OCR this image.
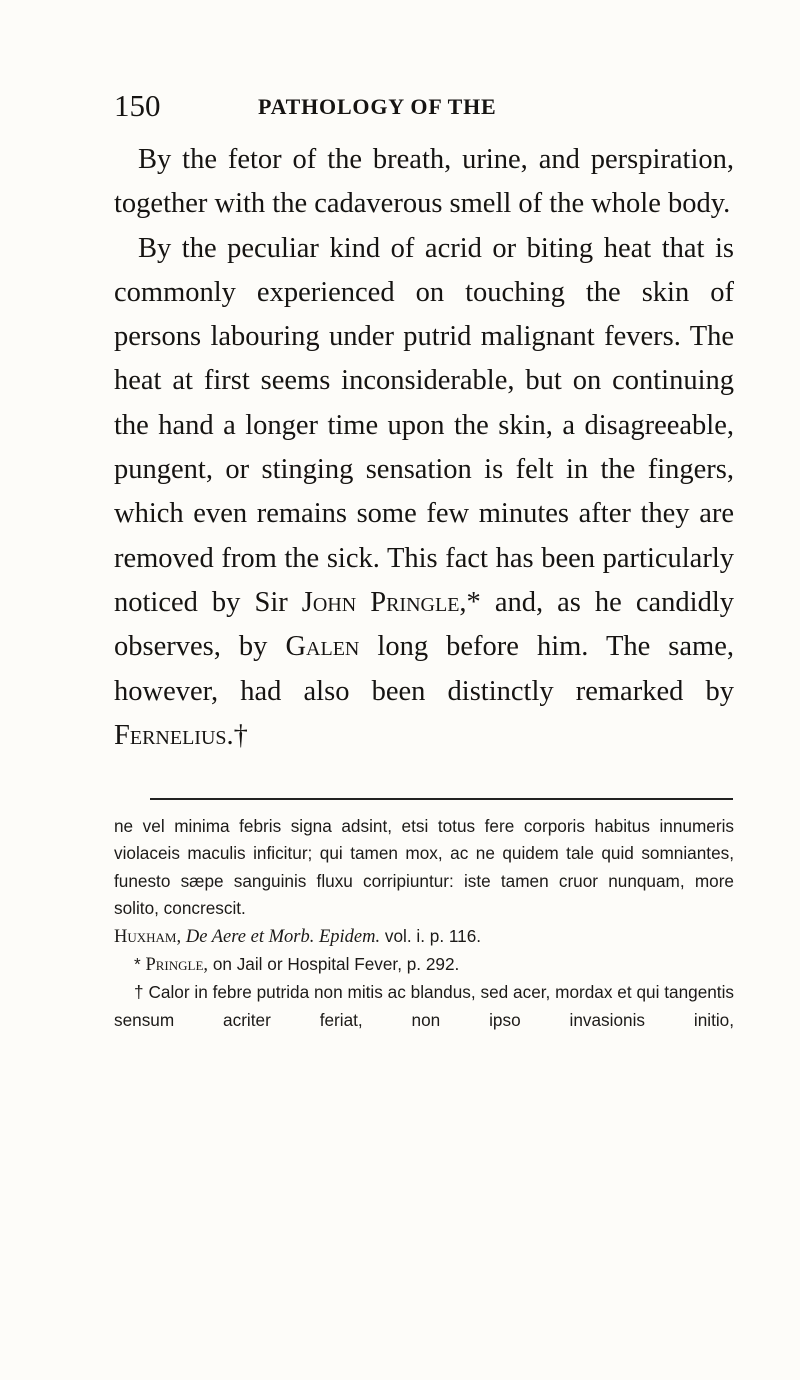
150	PATHOLOGY OF THE

By the fetor of the breath, urine, and perspiration, together with the cadaverous smell of the whole body.

By the peculiar kind of acrid or biting heat that is commonly experienced on touching the skin of persons labouring under putrid malignant fevers. The heat at first seems inconsiderable, but on continuing the hand a longer time upon the skin, a disagreeable, pungent, or stinging sensation is felt in the fingers, which even remains some few minutes after they are removed from the sick. This fact has been particularly noticed by Sir John Pringle,* and, as he candidly observes, by Galen long before him. The same, however, had also been distinctly remarked by Fernelius.†

ne vel minima febris signa adsint, etsi totus fere corporis habitus innumeris violaceis maculis inficitur; qui tamen mox, ac ne quidem tale quid somniantes, funesto sæpe sanguinis fluxu corripiuntur: iste tamen cruor nunquam, more solito, concrescit.

Huxham, De Aere et Morb. Epidem. vol. i. p. 116.

* Pringle, on Jail or Hospital Fever, p. 292.

† Calor in febre putrida non mitis ac blandus, sed acer, mordax et qui tangentis sensum acriter feriat, non ipso invasionis initio,
